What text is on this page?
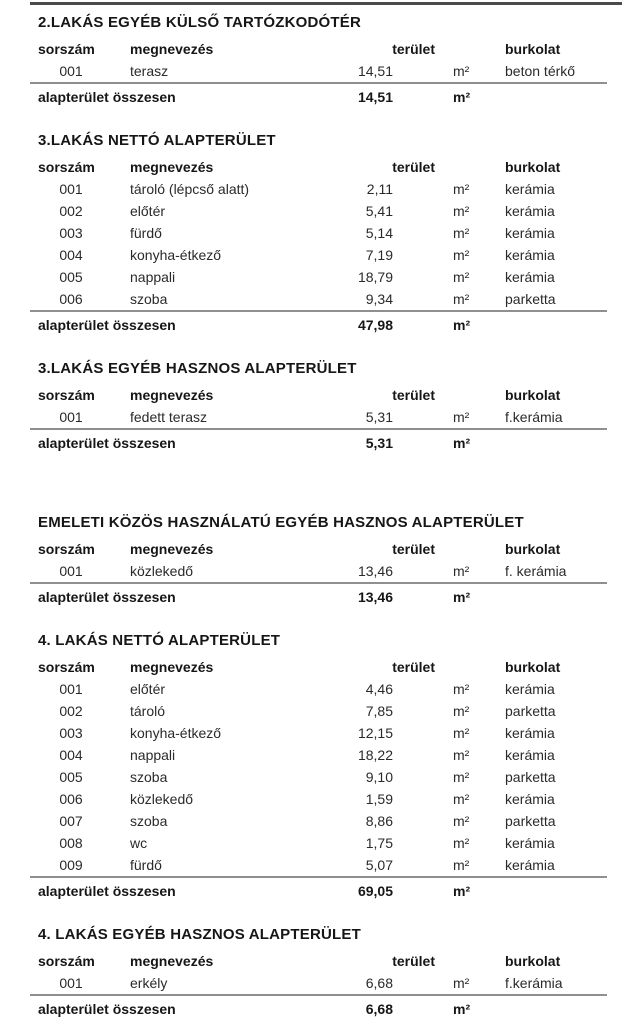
2.LAKÁS EGYÉB KÜLSŐ TARTÓZKODÓTÉR
sorszám	megnevezés	terület		burkolat
001	terasz	14,51	m²	beton térkő
alapterület összesen		14,51	m²	
3.LAKÁS NETTÓ ALAPTERÜLET
sorszám	megnevezés	terület		burkolat
001	tároló (lépcső alatt)	2,11	m²	kerámia
002	előtér	5,41	m²	kerámia
003	fürdő	5,14	m²	kerámia
004	konyha-étkező	7,19	m²	kerámia
005	nappali	18,79	m²	kerámia
006	szoba	9,34	m²	parketta
alapterület összesen		47,98	m²	
3.LAKÁS EGYÉB HASZNOS ALAPTERÜLET
sorszám	megnevezés	terület		burkolat
001	fedett terasz	5,31	m²	f.kerámia
alapterület összesen		5,31	m²	
EMELETI KÖZÖS HASZNÁLATÚ EGYÉB HASZNOS ALAPTERÜLET
sorszám	megnevezés	terület		burkolat
001	közlekedő	13,46	m²	f. kerámia
alapterület összesen		13,46	m²	
4. LAKÁS NETTÓ ALAPTERÜLET
sorszám	megnevezés	terület		burkolat
001	előtér	4,46	m²	kerámia
002	tároló	7,85	m²	parketta
003	konyha-étkező	12,15	m²	kerámia
004	nappali	18,22	m²	kerámia
005	szoba	9,10	m²	parketta
006	közlekedő	1,59	m²	kerámia
007	szoba	8,86	m²	parketta
008	wc	1,75	m²	kerámia
009	fürdő	5,07	m²	kerámia
alapterület összesen		69,05	m²	
4. LAKÁS EGYÉB HASZNOS ALAPTERÜLET
sorszám	megnevezés	terület		burkolat
001	erkély	6,68	m²	f.kerámia
alapterület összesen		6,68	m²	
